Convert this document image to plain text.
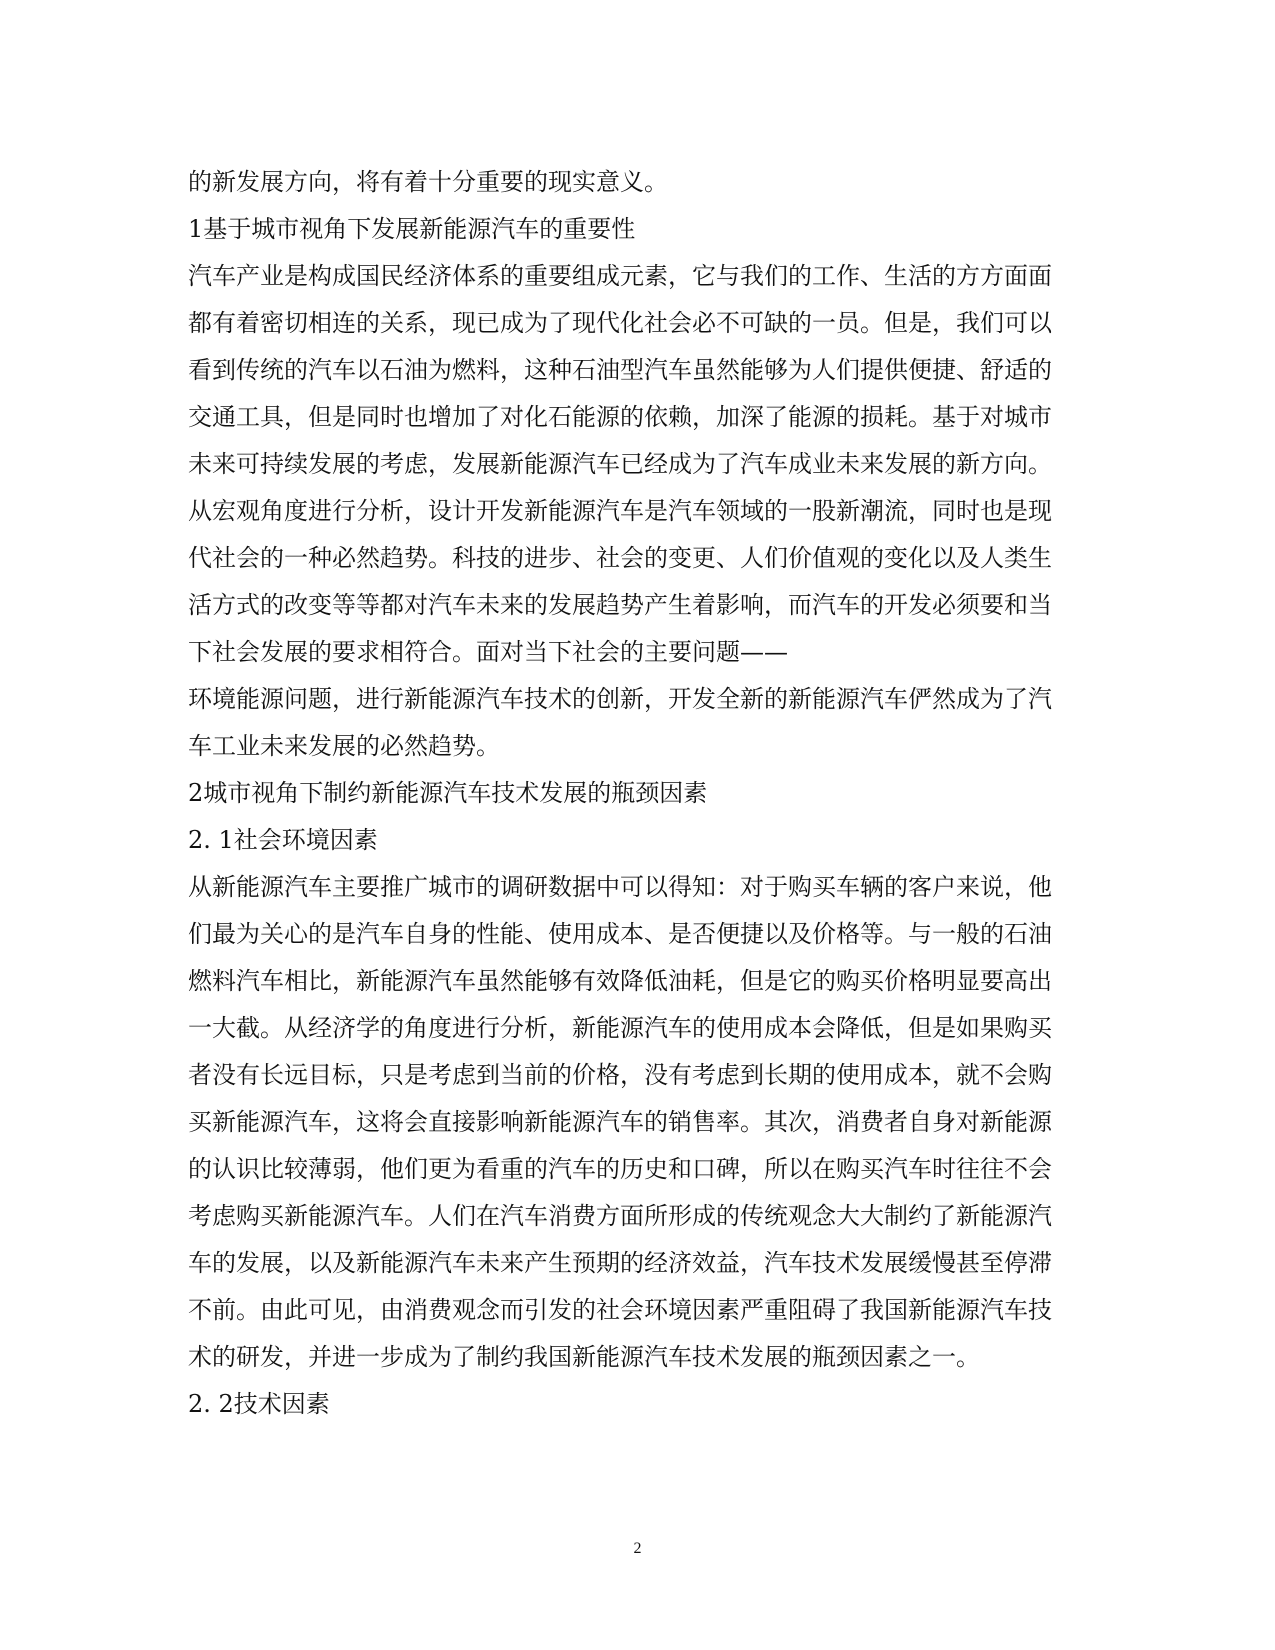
的新发展方向，将有着十分重要的现实意义。
1基于城市视角下发展新能源汽车的重要性
汽车产业是构成国民经济体系的重要组成元素，它与我们的工作、生活的方方面面
都有着密切相连的关系，现已成为了现代化社会必不可缺的一员。但是，我们可以
看到传统的汽车以石油为燃料，这种石油型汽车虽然能够为人们提供便捷、舒适的
交通工具，但是同时也增加了对化石能源的依赖，加深了能源的损耗。基于对城市
未来可持续发展的考虑，发展新能源汽车已经成为了汽车成业未来发展的新方向。
从宏观角度进行分析，设计开发新能源汽车是汽车领域的一股新潮流，同时也是现
代社会的一种必然趋势。科技的进步、社会的变更、人们价值观的变化以及人类生
活方式的改变等等都对汽车未来的发展趋势产生着影响，而汽车的开发必须要和当
下社会发展的要求相符合。面对当下社会的主要问题——
环境能源问题，进行新能源汽车技术的创新，开发全新的新能源汽车俨然成为了汽
车工业未来发展的必然趋势。
2城市视角下制约新能源汽车技术发展的瓶颈因素
2. 1社会环境因素
从新能源汽车主要推广城市的调研数据中可以得知：对于购买车辆的客户来说，他
们最为关心的是汽车自身的性能、使用成本、是否便捷以及价格等。与一般的石油
燃料汽车相比，新能源汽车虽然能够有效降低油耗，但是它的购买价格明显要高出
一大截。从经济学的角度进行分析，新能源汽车的使用成本会降低，但是如果购买
者没有长远目标，只是考虑到当前的价格，没有考虑到长期的使用成本，就不会购
买新能源汽车，这将会直接影响新能源汽车的销售率。其次，消费者自身对新能源
的认识比较薄弱，他们更为看重的汽车的历史和口碑，所以在购买汽车时往往不会
考虑购买新能源汽车。人们在汽车消费方面所形成的传统观念大大制约了新能源汽
车的发展，以及新能源汽车未来产生预期的经济效益，汽车技术发展缓慢甚至停滞
不前。由此可见，由消费观念而引发的社会环境因素严重阻碍了我国新能源汽车技
术的研发，并进一步成为了制约我国新能源汽车技术发展的瓶颈因素之一。
2. 2技术因素
2
